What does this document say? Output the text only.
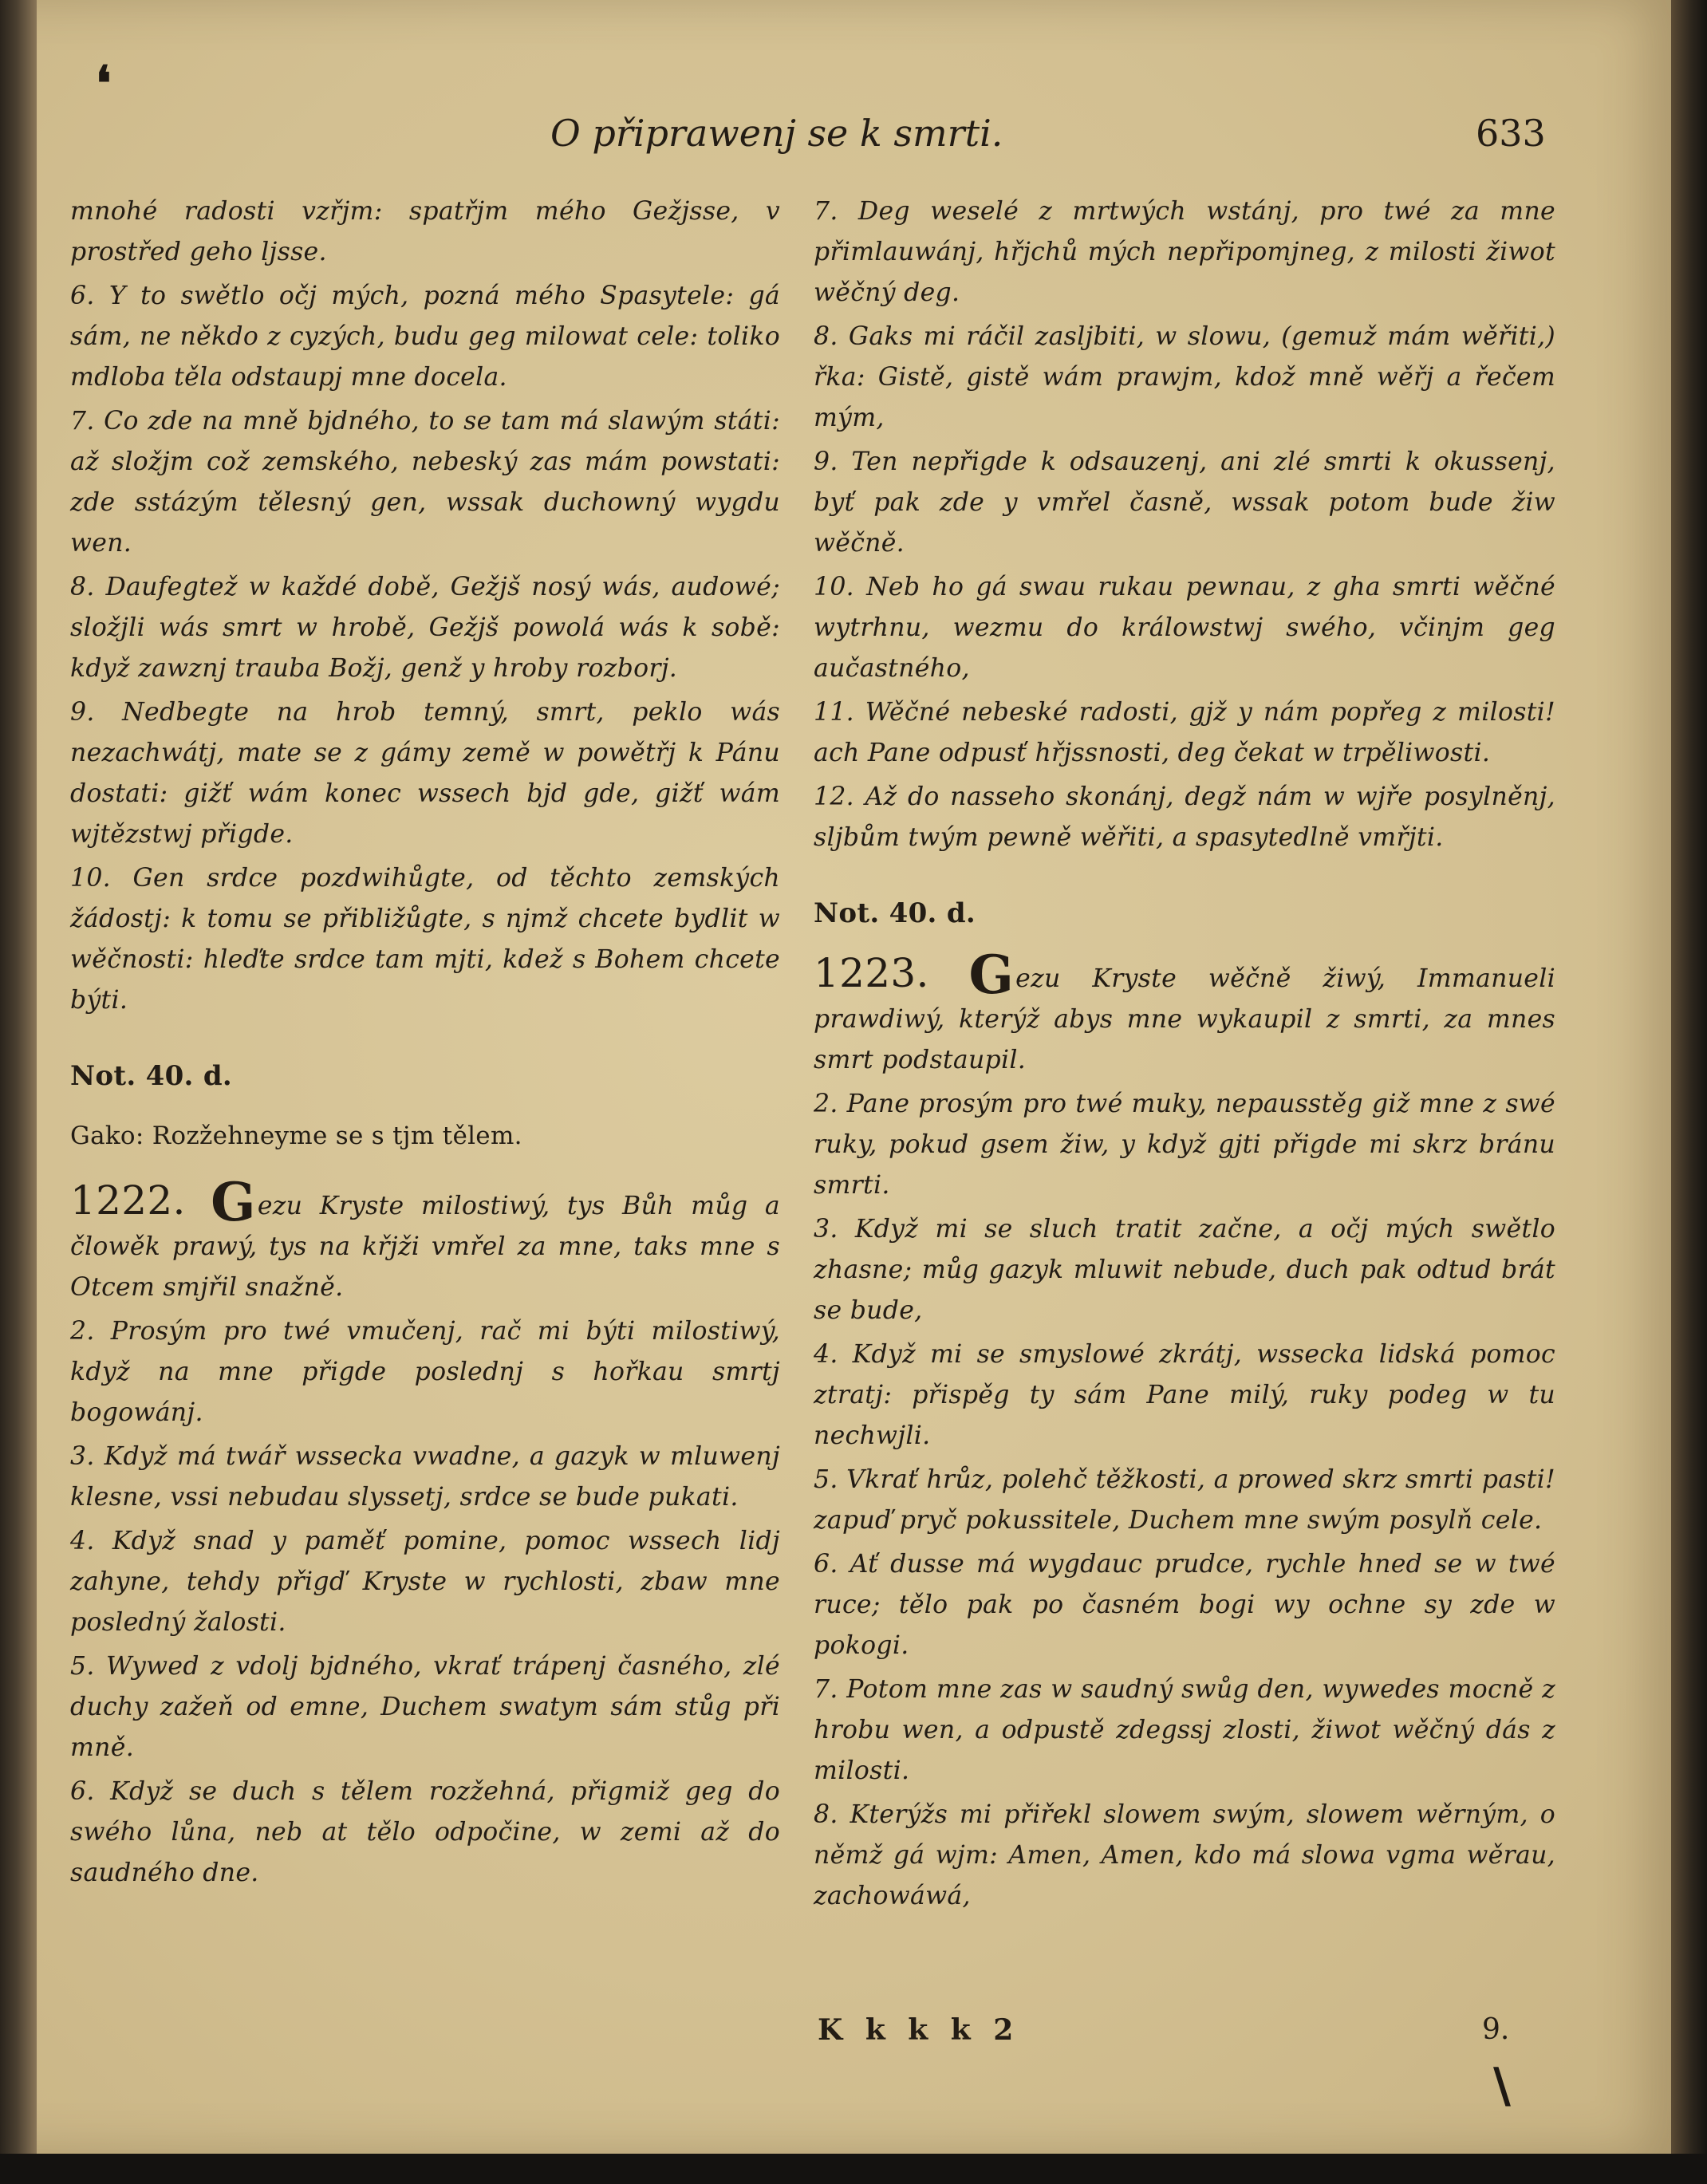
❛
O připrawenj se k smrti.	633

mnohé radosti vzřjm: spatřjm mého Gežjsse, v prostřed geho ljsse.

6. Y to swětlo očj mých, pozná mého Spasytele: gá sám, ne někdo z cyzých, budu geg milowat cele: toliko mdloba těla odstaupj mne docela.

7. Co zde na mně bjdného, to se tam má slawým státi: až složjm což zemského, nebeský zas mám powstati: zde sstázým tělesný gen, wssak duchowný wygdu wen.

8. Daufegtež w každé době, Gežjš nosý wás, audowé; složjli wás smrt w hrobě, Gežjš powolá wás k sobě: když zawznj trauba Božj, genž y hroby rozborj.

9. Nedbegte na hrob temný, smrt, peklo wás nezachwátj, mate se z gámy země w powětřj k Pánu dostati: gižť wám konec wssech bjd gde, gižť wám wjtězstwj přigde.

10. Gen srdce pozdwihůgte, od těchto zemských žádostj: k tomu se přibližůgte, s njmž chcete bydlit w wěčnosti: hleďte srdce tam mjti, kdež s Bohem chcete býti.

Not. 40. d.

Gako: Rozžehneyme se s tjm tělem.

1222. Gezu Kryste milostiwý, tys Bůh můg a člowěk prawý, tys na křjži vmřel za mne, taks mne s Otcem smjřil snažně.

2. Prosým pro twé vmučenj, rač mi býti milostiwý, když na mne přigde poslednj s hořkau smrtj bogowánj.

3. Když má twář wssecka vwadne, a gazyk w mluwenj klesne, vssi nebudau slyssetj, srdce se bude pukati.

4. Když snad y paměť pomine, pomoc wssech lidj zahyne, tehdy přigď Kryste w rychlosti, zbaw mne posledný žalosti.

5. Wywed z vdolj bjdného, vkrať trápenj časného, zlé duchy zažeň od emne, Duchem swatym sám stůg při mně.

6. Když se duch s tělem rozžehná, přigmiž geg do swého lůna, neb at tělo odpočine, w zemi až do saudného dne.

7. Deg weselé z mrtwých wstánj, pro twé za mne přimlauwánj, hřjchů mých nepřipomjneg, z milosti žiwot wěčný deg.

8. Gaks mi ráčil zasljbiti, w slowu, (gemuž mám wěřiti,) řka: Gistě, gistě wám prawjm, kdož mně wěřj a řečem mým,

9. Ten nepřigde k odsauzenj, ani zlé smrti k okussenj, byť pak zde y vmřel časně, wssak potom bude žiw wěčně.

10. Neb ho gá swau rukau pewnau, z gha smrti wěčné wytrhnu, wezmu do králowstwj swého, včinjm geg aučastného,

11. Wěčné nebeské radosti, gjž y nám popřeg z milosti! ach Pane odpusť hřjssnosti, deg čekat w trpěliwosti.

12. Až do nasseho skonánj, degž nám w wjře posylněnj, sljbům twým pewně wěřiti, a spasytedlně vmřjti.

Not. 40. d.

1223. Gezu Kryste wěčně žiwý, Immanueli prawdiwý, kterýž abys mne wykaupil z smrti, za mnes smrt podstaupil.

2. Pane prosým pro twé muky, nepausstěg giž mne z swé ruky, pokud gsem žiw, y když gjti přigde mi skrz bránu smrti.

3. Když mi se sluch tratit začne, a očj mých swětlo zhasne; můg gazyk mluwit nebude, duch pak odtud brát se bude,

4. Když mi se smyslowé zkrátj, wssecka lidská pomoc ztratj: přispěg ty sám Pane milý, ruky podeg w tu nechwjli.

5. Vkrať hrůz, polehč těžkosti, a prowed skrz smrti pasti! zapuď pryč pokussitele, Duchem mne swým posylň cele.

6. Ať dusse má wygdauc prudce, rychle hned se w twé ruce; tělo pak po časném bogi wy ochne sy zde w pokogi.

7. Potom mne zas w saudný swůg den, wywedes mocně z hrobu wen, a odpustě zdegssj zlosti, žiwot wěčný dás z milosti.

8. Kterýžs mi přiřekl slowem swým, slowem wěrným, o němž gá wjm: Amen, Amen, kdo má slowa vgma wěrau, zachowáwá,

K k k k 2	9.
\
